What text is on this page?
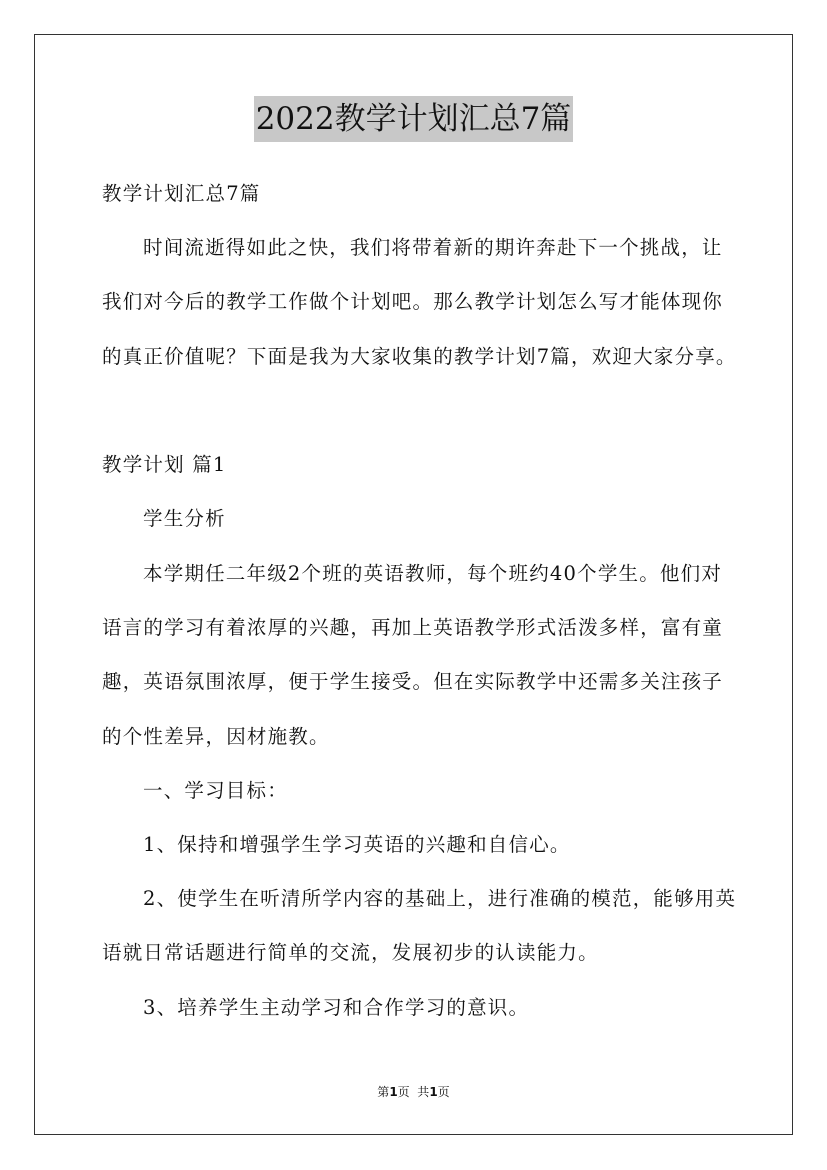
2022教学计划汇总7篇
教学计划汇总7篇
时间流逝得如此之快，我们将带着新的期许奔赴下一个挑战，让
我们对今后的教学工作做个计划吧。那么教学计划怎么写才能体现你
的真正价值呢？下面是我为大家收集的教学计划7篇，欢迎大家分享。
教学计划 篇1
学生分析
本学期任二年级2个班的英语教师，每个班约40个学生。他们对
语言的学习有着浓厚的兴趣，再加上英语教学形式活泼多样，富有童
趣，英语氛围浓厚，便于学生接受。但在实际教学中还需多关注孩子
的个性差异，因材施教。
一、学习目标：
1、保持和增强学生学习英语的兴趣和自信心。
2、使学生在听清所学内容的基础上，进行准确的模范，能够用英
语就日常话题进行简单的交流，发展初步的认读能力。
3、培养学生主动学习和合作学习的意识。
第1页  共1页
